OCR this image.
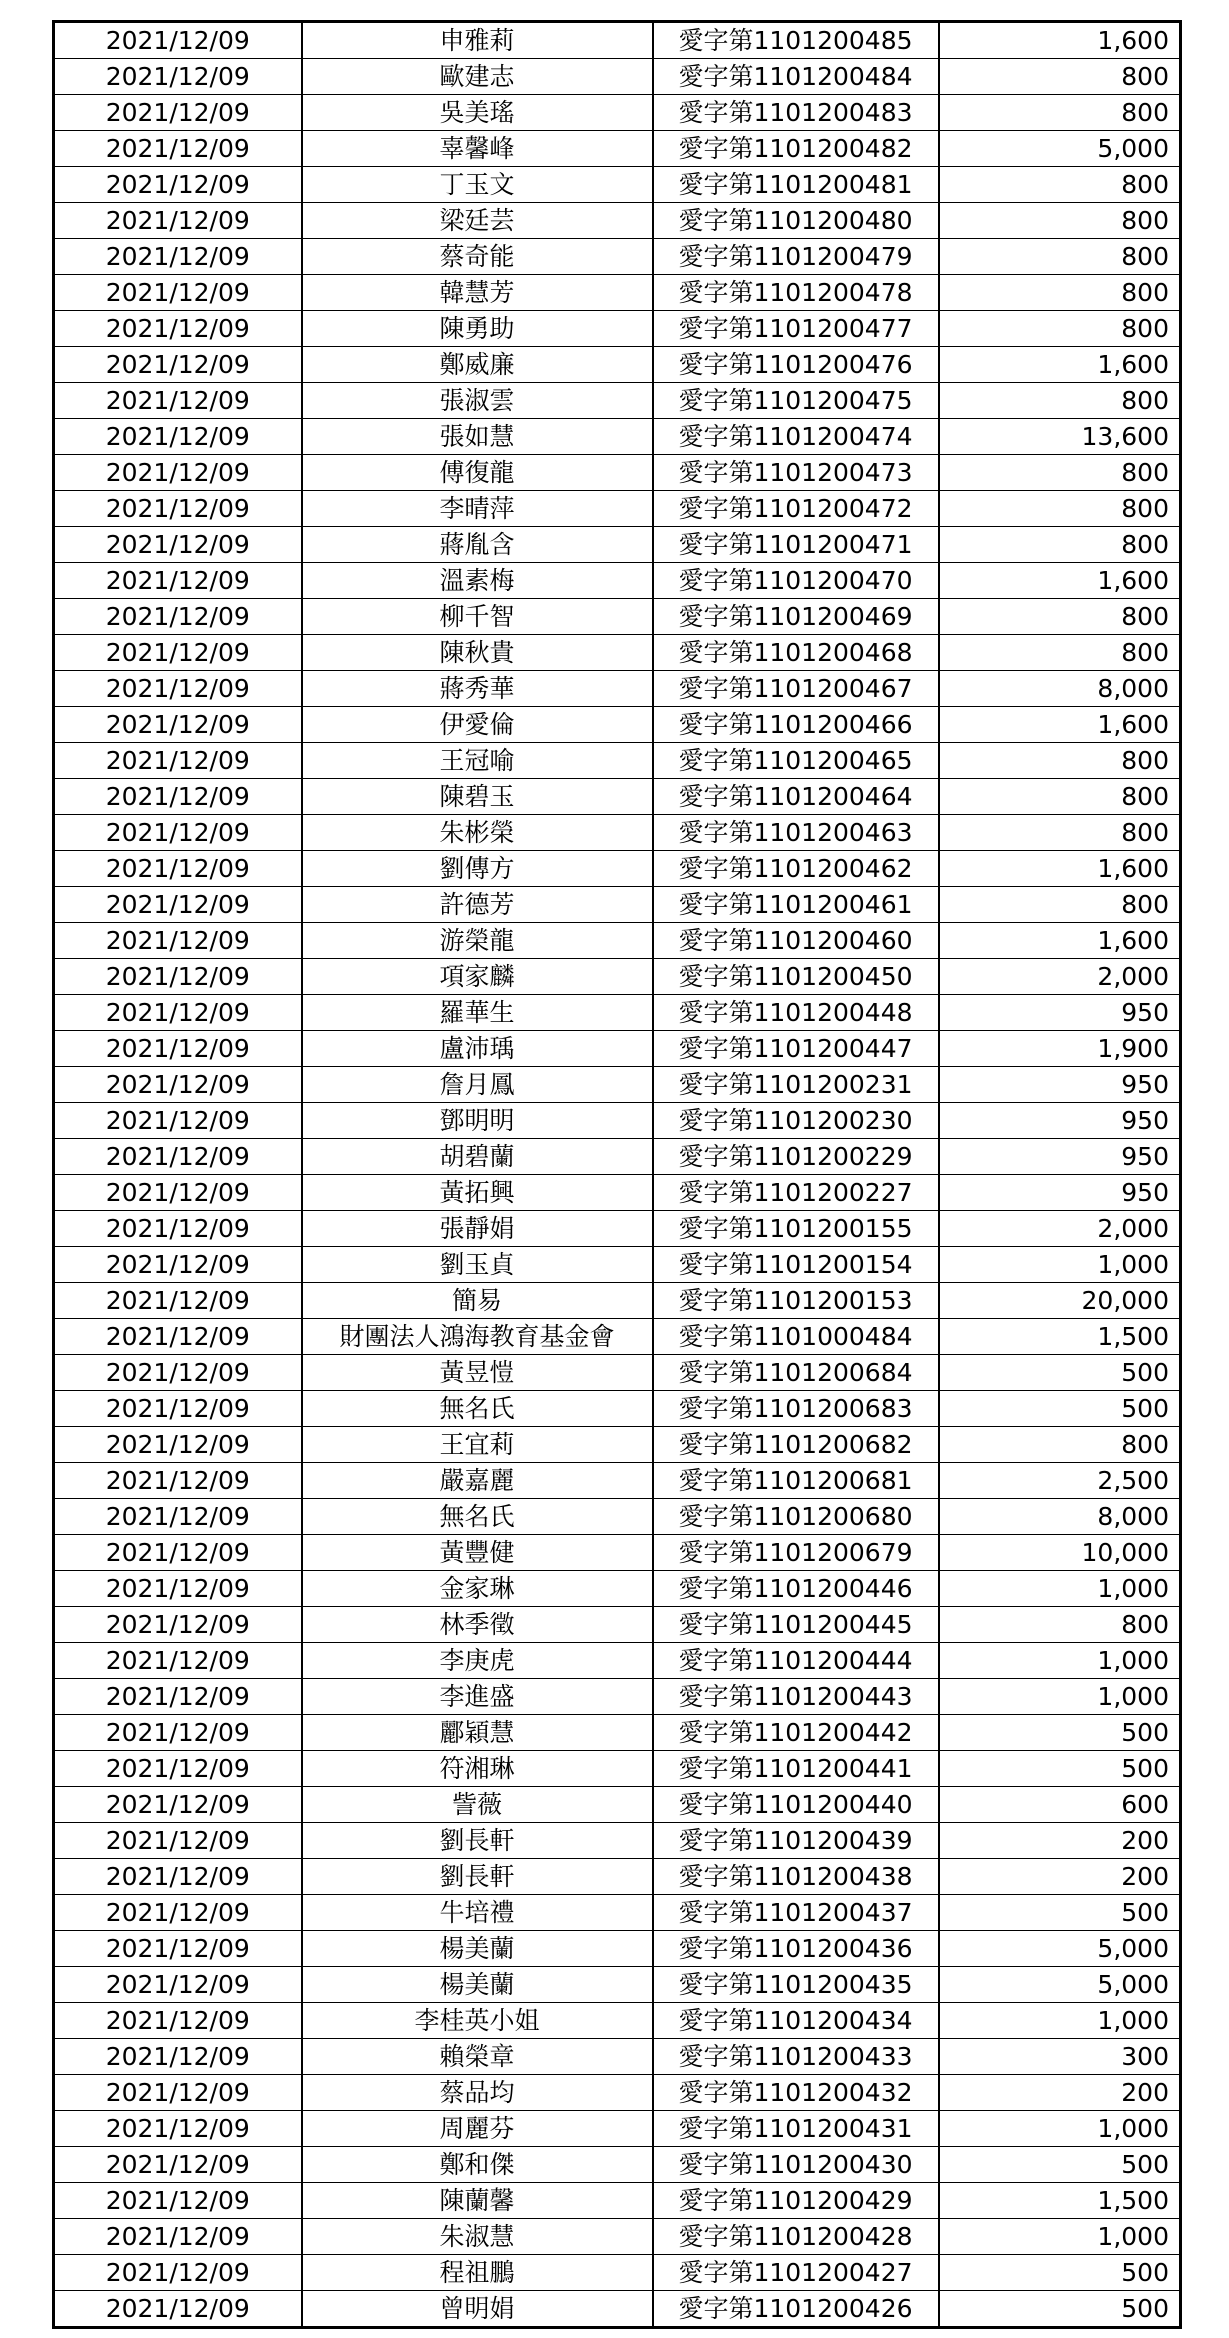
2021/12/09	申雅莉	愛字第1101200485	1,600
2021/12/09	歐建志	愛字第1101200484	800
2021/12/09	吳美瑤	愛字第1101200483	800
2021/12/09	辜馨峰	愛字第1101200482	5,000
2021/12/09	丁玉文	愛字第1101200481	800
2021/12/09	梁廷芸	愛字第1101200480	800
2021/12/09	蔡奇能	愛字第1101200479	800
2021/12/09	韓慧芳	愛字第1101200478	800
2021/12/09	陳勇助	愛字第1101200477	800
2021/12/09	鄭威廉	愛字第1101200476	1,600
2021/12/09	張淑雲	愛字第1101200475	800
2021/12/09	張如慧	愛字第1101200474	13,600
2021/12/09	傅復龍	愛字第1101200473	800
2021/12/09	李晴萍	愛字第1101200472	800
2021/12/09	蔣胤含	愛字第1101200471	800
2021/12/09	溫素梅	愛字第1101200470	1,600
2021/12/09	柳千智	愛字第1101200469	800
2021/12/09	陳秋貴	愛字第1101200468	800
2021/12/09	蔣秀華	愛字第1101200467	8,000
2021/12/09	伊愛倫	愛字第1101200466	1,600
2021/12/09	王冠喻	愛字第1101200465	800
2021/12/09	陳碧玉	愛字第1101200464	800
2021/12/09	朱彬榮	愛字第1101200463	800
2021/12/09	劉傳方	愛字第1101200462	1,600
2021/12/09	許德芳	愛字第1101200461	800
2021/12/09	游榮龍	愛字第1101200460	1,600
2021/12/09	項家麟	愛字第1101200450	2,000
2021/12/09	羅華生	愛字第1101200448	950
2021/12/09	盧沛瑀	愛字第1101200447	1,900
2021/12/09	詹月鳳	愛字第1101200231	950
2021/12/09	鄧明明	愛字第1101200230	950
2021/12/09	胡碧蘭	愛字第1101200229	950
2021/12/09	黃拓興	愛字第1101200227	950
2021/12/09	張靜娟	愛字第1101200155	2,000
2021/12/09	劉玉貞	愛字第1101200154	1,000
2021/12/09	簡易	愛字第1101200153	20,000
2021/12/09	財團法人鴻海教育基金會	愛字第1101000484	1,500
2021/12/09	黃昱愷	愛字第1101200684	500
2021/12/09	無名氏	愛字第1101200683	500
2021/12/09	王宜莉	愛字第1101200682	800
2021/12/09	嚴嘉麗	愛字第1101200681	2,500
2021/12/09	無名氏	愛字第1101200680	8,000
2021/12/09	黃豐健	愛字第1101200679	10,000
2021/12/09	金家琳	愛字第1101200446	1,000
2021/12/09	林季徵	愛字第1101200445	800
2021/12/09	李庚虎	愛字第1101200444	1,000
2021/12/09	李進盛	愛字第1101200443	1,000
2021/12/09	酈穎慧	愛字第1101200442	500
2021/12/09	符湘琳	愛字第1101200441	500
2021/12/09	訾薇	愛字第1101200440	600
2021/12/09	劉長軒	愛字第1101200439	200
2021/12/09	劉長軒	愛字第1101200438	200
2021/12/09	牛培禮	愛字第1101200437	500
2021/12/09	楊美蘭	愛字第1101200436	5,000
2021/12/09	楊美蘭	愛字第1101200435	5,000
2021/12/09	李桂英小姐	愛字第1101200434	1,000
2021/12/09	賴榮章	愛字第1101200433	300
2021/12/09	蔡品均	愛字第1101200432	200
2021/12/09	周麗芬	愛字第1101200431	1,000
2021/12/09	鄭和傑	愛字第1101200430	500
2021/12/09	陳蘭馨	愛字第1101200429	1,500
2021/12/09	朱淑慧	愛字第1101200428	1,000
2021/12/09	程祖鵬	愛字第1101200427	500
2021/12/09	曾明娟	愛字第1101200426	500
